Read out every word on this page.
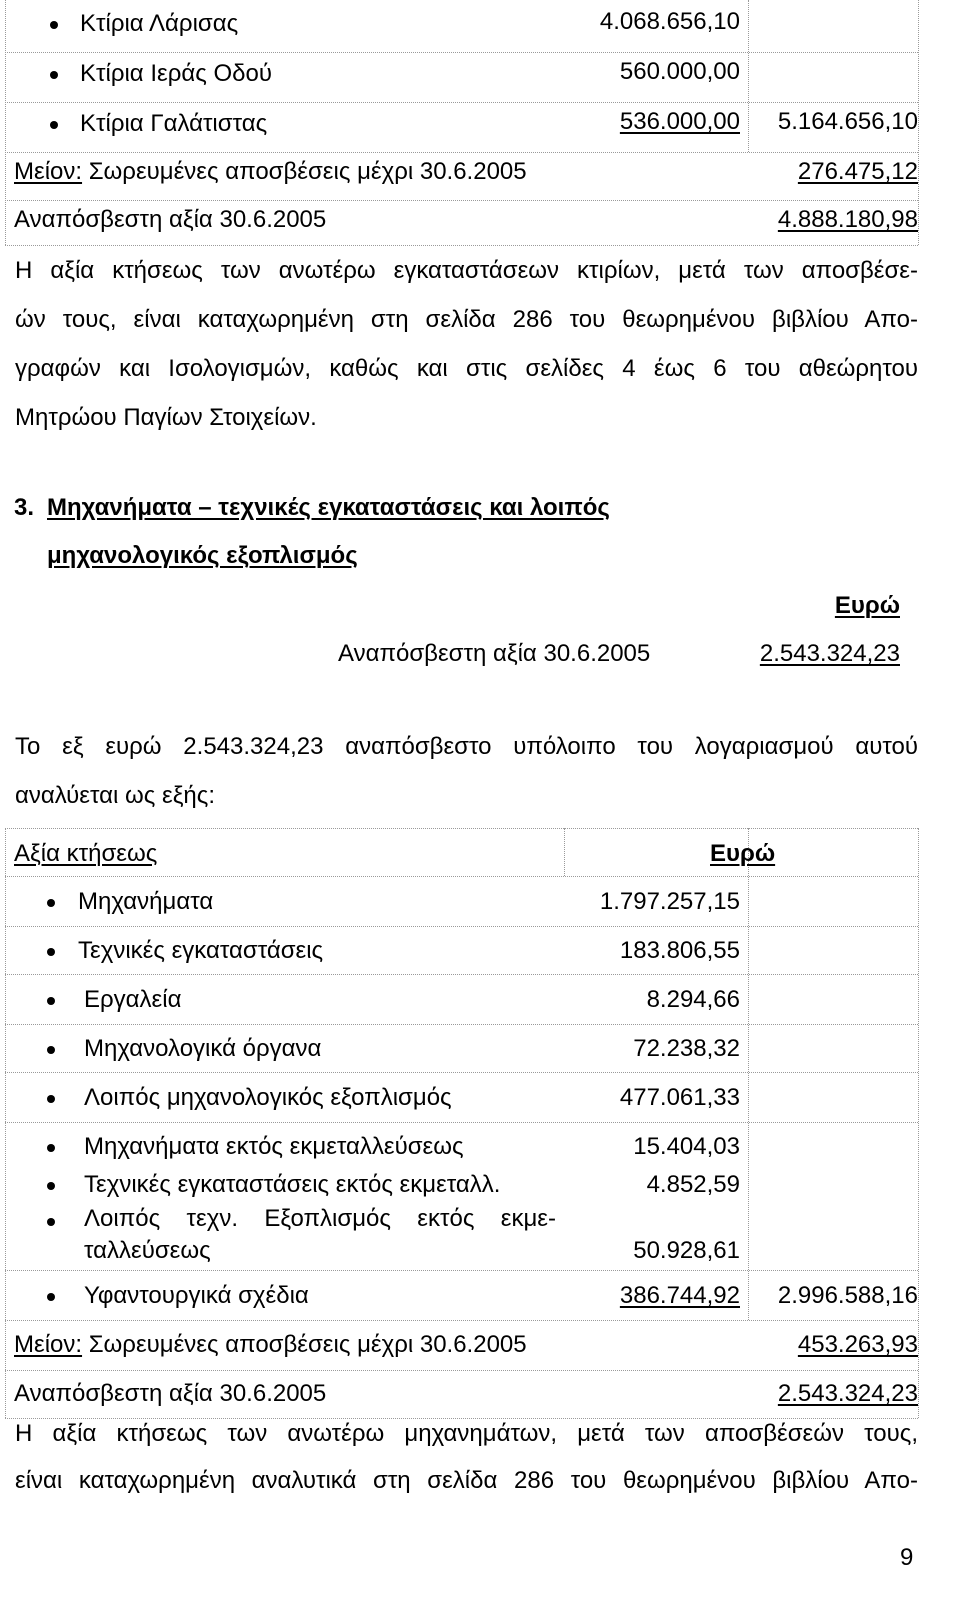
Κτίρια Λάρισας	4.068.656,10
Κτίρια Ιεράς Οδού	560.000,00
Κτίρια Γαλάτιστας	536.000,00 5.164.656,10
Μείον: Σωρευμένες αποσβέσεις μέχρι 30.6.2005	276.475,12
Αναπόσβεστη αξία 30.6.2005	4.888.180,98
Η αξία κτήσεως των ανωτέρω εγκαταστάσεων κτιρίων, μετά των αποσβέσε-
ών τους, είναι καταχωρημένη στη σελίδα 286 του θεωρημένου βιβλίου Απο-
γραφών και Ισολογισμών, καθώς και στις σελίδες 4 έως 6 του αθεώρητου
Μητρώου Παγίων Στοιχείων.
3. Μηχανήματα – τεχνικές εγκαταστάσεις και λοιπός
μηχανολογικός εξοπλισμός
Ευρώ
Αναπόσβεστη αξία 30.6.2005	2.543.324,23
Το εξ ευρώ 2.543.324,23 αναπόσβεστο υπόλοιπο του λογαριασμού αυτού
αναλύεται ως εξής:
Αξία κτήσεως	Ευρώ
Μηχανήματα	1.797.257,15
Τεχνικές εγκαταστάσεις	183.806,55
Εργαλεία	8.294,66
Μηχανολογικά όργανα	72.238,32
Λοιπός μηχανολογικός εξοπλισμός	477.061,33
Μηχανήματα εκτός εκμεταλλεύσεως	15.404,03
Τεχνικές εγκαταστάσεις εκτός εκμεταλλ.	4.852,59
Λοιπός τεχν. Εξοπλισμός εκτός εκμε-
ταλλεύσεως	50.928,61
Υφαντουργικά σχέδια	386.744,92 2.996.588,16
Μείον: Σωρευμένες αποσβέσεις μέχρι 30.6.2005	453.263,93
Αναπόσβεστη αξία 30.6.2005	2.543.324,23
Η αξία κτήσεως των ανωτέρω μηχανημάτων, μετά των αποσβέσεών τους,
είναι καταχωρημένη αναλυτικά στη σελίδα 286 του θεωρημένου βιβλίου Απο-
9
